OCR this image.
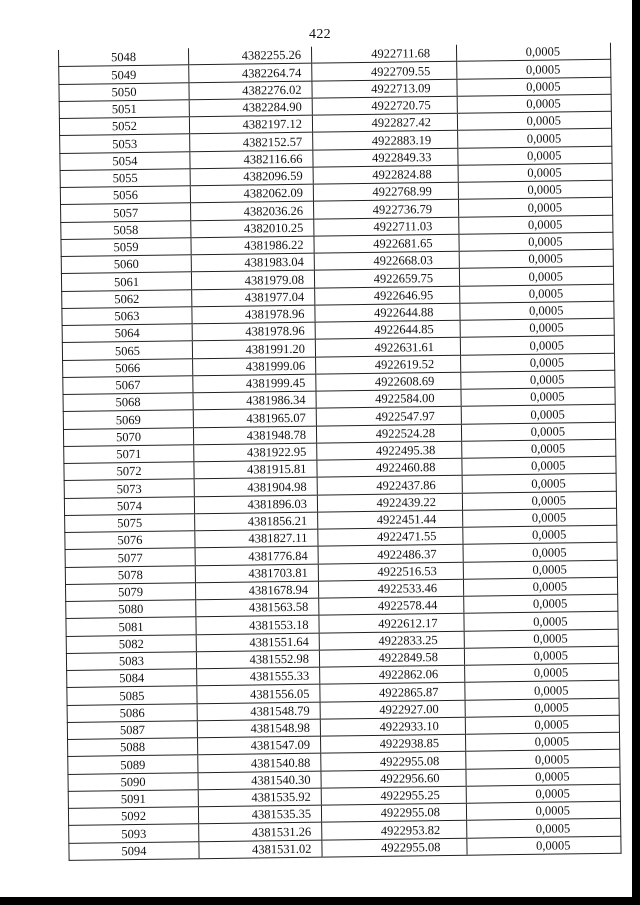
422
5048	4382255.26	4922711.68	0,0005
5049	4382264.74	4922709.55	0,0005
5050	4382276.02	4922713.09	0,0005
5051	4382284.90	4922720.75	0,0005
5052	4382197.12	4922827.42	0,0005
5053	4382152.57	4922883.19	0,0005
5054	4382116.66	4922849.33	0,0005
5055	4382096.59	4922824.88	0,0005
5056	4382062.09	4922768.99	0,0005
5057	4382036.26	4922736.79	0,0005
5058	4382010.25	4922711.03	0,0005
5059	4381986.22	4922681.65	0,0005
5060	4381983.04	4922668.03	0,0005
5061	4381979.08	4922659.75	0,0005
5062	4381977.04	4922646.95	0,0005
5063	4381978.96	4922644.88	0,0005
5064	4381978.96	4922644.85	0,0005
5065	4381991.20	4922631.61	0,0005
5066	4381999.06	4922619.52	0,0005
5067	4381999.45	4922608.69	0,0005
5068	4381986.34	4922584.00	0,0005
5069	4381965.07	4922547.97	0,0005
5070	4381948.78	4922524.28	0,0005
5071	4381922.95	4922495.38	0,0005
5072	4381915.81	4922460.88	0,0005
5073	4381904.98	4922437.86	0,0005
5074	4381896.03	4922439.22	0,0005
5075	4381856.21	4922451.44	0,0005
5076	4381827.11	4922471.55	0,0005
5077	4381776.84	4922486.37	0,0005
5078	4381703.81	4922516.53	0,0005
5079	4381678.94	4922533.46	0,0005
5080	4381563.58	4922578.44	0,0005
5081	4381553.18	4922612.17	0,0005
5082	4381551.64	4922833.25	0,0005
5083	4381552.98	4922849.58	0,0005
5084	4381555.33	4922862.06	0,0005
5085	4381556.05	4922865.87	0,0005
5086	4381548.79	4922927.00	0,0005
5087	4381548.98	4922933.10	0,0005
5088	4381547.09	4922938.85	0,0005
5089	4381540.88	4922955.08	0,0005
5090	4381540.30	4922956.60	0,0005
5091	4381535.92	4922955.25	0,0005
5092	4381535.35	4922955.08	0,0005
5093	4381531.26	4922953.82	0,0005
5094	4381531.02	4922955.08	0,0005
